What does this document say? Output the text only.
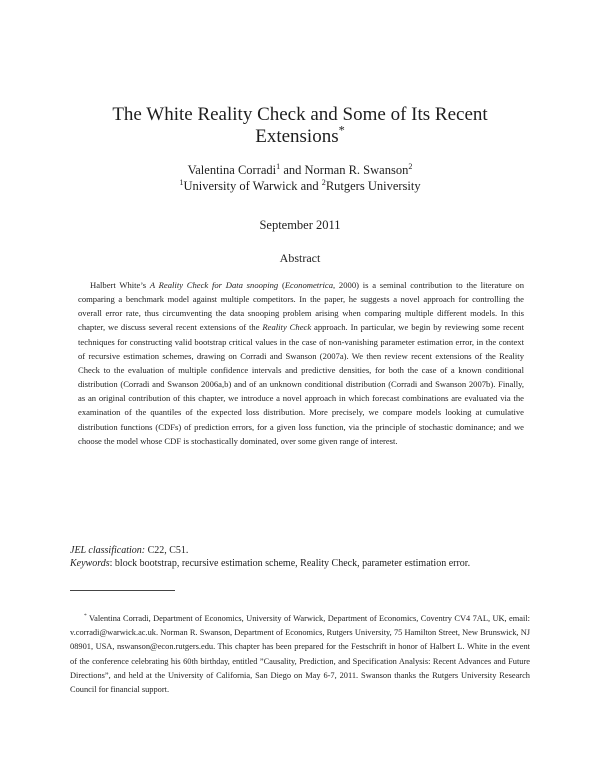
The White Reality Check and Some of Its Recent
Extensions*
Valentina Corradi$^1$ and Norman R. Swanson$^2$
$^1$University of Warwick and $^2$Rutgers University
September 2011
Abstract

Halbert White’s A Reality Check for Data snooping (Econometrica, 2000) is a seminal contribution to the literature on comparing a benchmark model against multiple competitors. In the paper, he suggests a novel approach for controlling the overall error rate, thus circumventing the data snooping problem arising when comparing multiple different models. In this chapter, we discuss several recent extensions of the Reality Check approach. In particular, we begin by reviewing some recent techniques for constructing valid bootstrap critical values in the case of non-vanishing parameter estimation error, in the context of recursive estimation schemes, drawing on Corradi and Swanson (2007a). We then review recent extensions of the Reality Check to the evaluation of multiple confidence intervals and predictive densities, for both the case of a known conditional distribution (Corradi and Swanson 2006a,b) and of an unknown conditional distribution (Corradi and Swanson 2007b). Finally, as an original contribution of this chapter, we introduce a novel approach in which forecast combinations are evaluated via the examination of the quantiles of the expected loss distribution. More precisely, we compare models looking at cumulative distribution functions (CDFs) of prediction errors, for a given loss function, via the principle of stochastic dominance; and we choose the model whose CDF is stochastically dominated, over some given range of interest.

JEL classification: C22, C51.
Keywords: block bootstrap, recursive estimation scheme, Reality Check, parameter estimation error.

* Valentina Corradi, Department of Economics, University of Warwick, Department of Economics, Coventry CV4 7AL, UK, email: v.corradi@warwick.ac.uk. Norman R. Swanson, Department of Economics, Rutgers University, 75 Hamilton Street, New Brunswick, NJ 08901, USA, nswanson@econ.rutgers.edu. This chapter has been prepared for the Festschrift in honor of Halbert L. White in the event of the conference celebrating his 60th birthday, entitled ”Causality, Prediction, and Specification Analysis: Recent Advances and Future Directions”, and held at the University of California, San Diego on May 6-7, 2011. Swanson thanks the Rutgers University Research Council for financial support.
